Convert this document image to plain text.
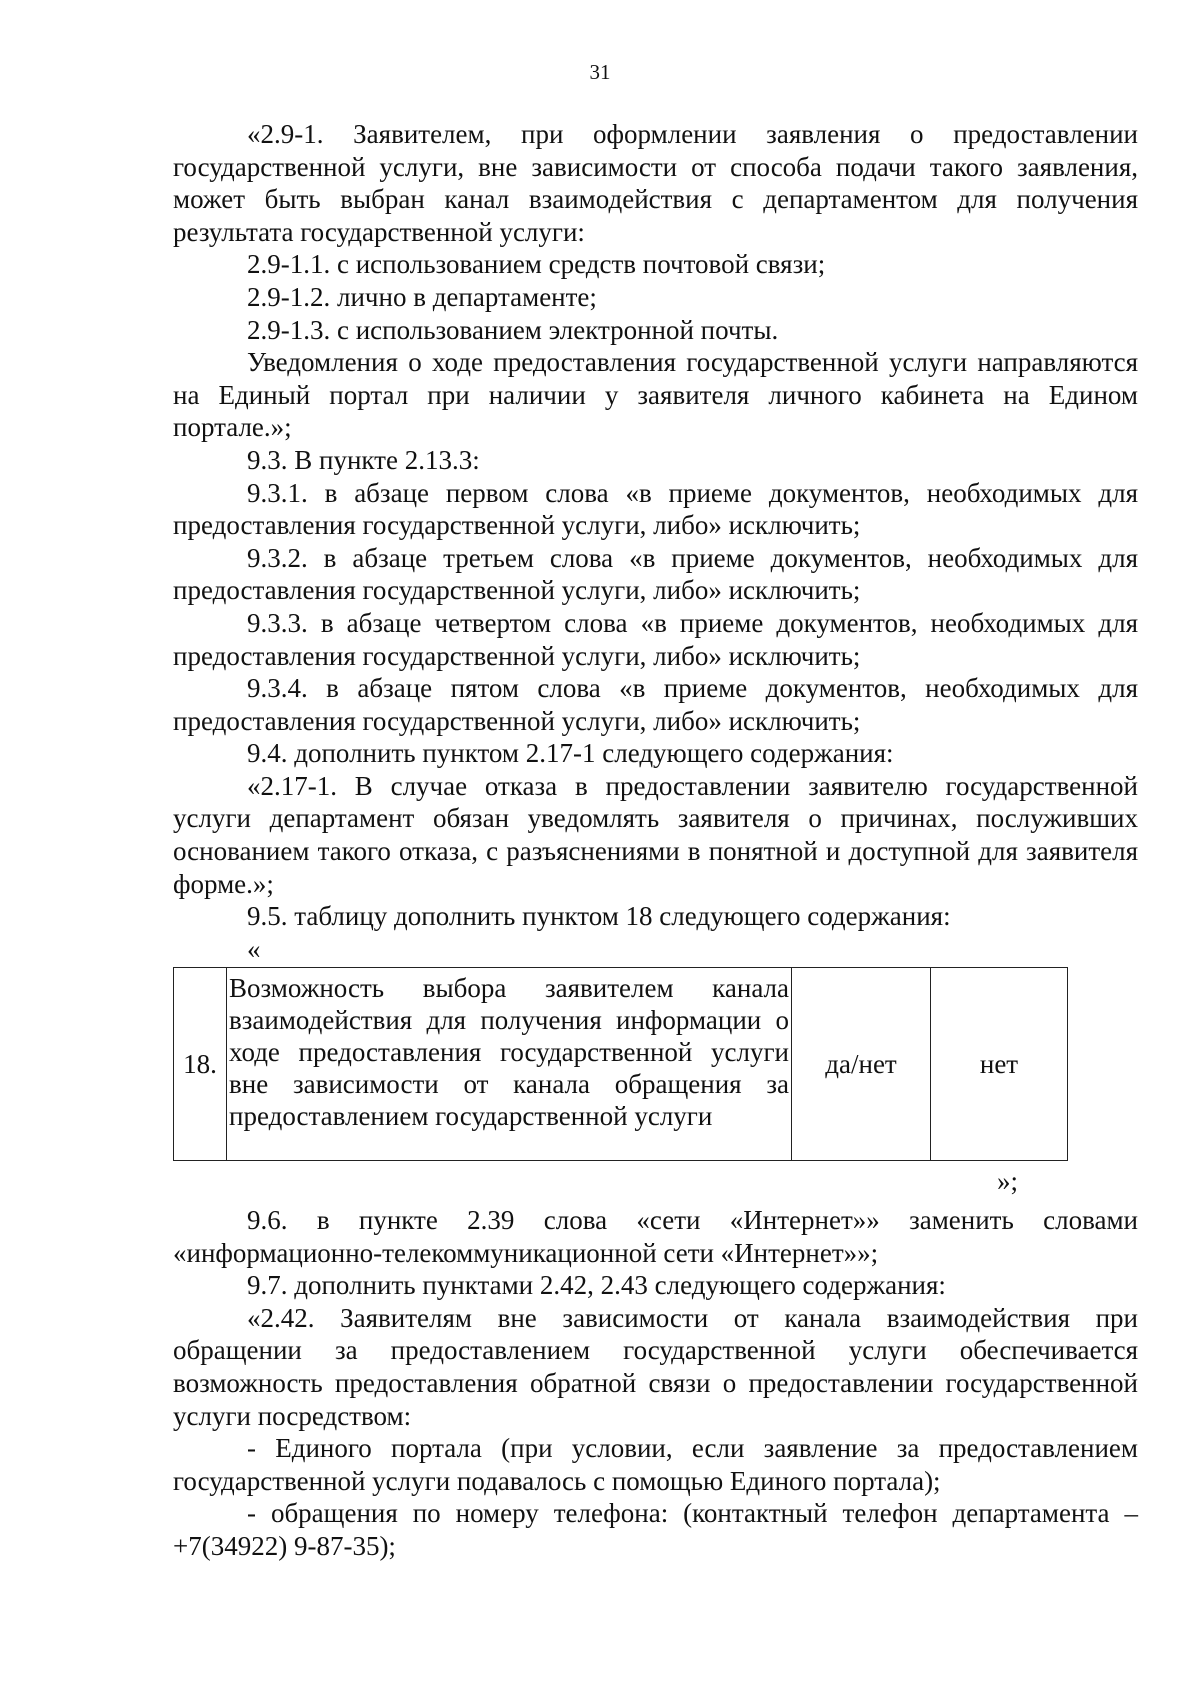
31

«2.9-1. Заявителем, при оформлении заявления о предоставлении государственной услуги, вне зависимости от способа подачи такого заявления, может быть выбран канал взаимодействия с департаментом для получения результата государственной услуги:

2.9-1.1. с использованием средств почтовой связи;

2.9-1.2. лично в департаменте;

2.9-1.3. с использованием электронной почты.

Уведомления о ходе предоставления государственной услуги направляются на Единый портал при наличии у заявителя личного кабинета на Едином портале.»;

9.3. В пункте 2.13.3:

9.3.1. в абзаце первом слова «в приеме документов, необходимых для предоставления государственной услуги, либо» исключить;

9.3.2. в абзаце третьем слова «в приеме документов, необходимых для предоставления государственной услуги, либо» исключить;

9.3.3. в абзаце четвертом слова «в приеме документов, необходимых для предоставления государственной услуги, либо» исключить;

9.3.4. в абзаце пятом слова «в приеме документов, необходимых для предоставления государственной услуги, либо» исключить;

9.4. дополнить пунктом 2.17-1 следующего содержания:

«2.17-1. В случае отказа в предоставлении заявителю государственной услуги департамент обязан уведомлять заявителя о причинах, послуживших основанием такого отказа, с разъяснениями в понятной и доступной для заявителя форме.»;

9.5. таблицу дополнить пунктом 18 следующего содержания:

«
18.	Возможность выбора заявителем канала взаимодействия для получения информации о ходе предоставления государственной услуги вне зависимости от канала обращения за предоставлением государственной услуги	да/нет	нет
»;

9.6. в пункте 2.39 слова «сети «Интернет»» заменить словами «информационно-телекоммуникационной сети «Интернет»»;

9.7. дополнить пунктами 2.42, 2.43 следующего содержания:

«2.42. Заявителям вне зависимости от канала взаимодействия при обращении за предоставлением государственной услуги обеспечивается возможность предоставления обратной связи о предоставлении государственной услуги посредством:

- Единого портала (при условии, если заявление за предоставлением государственной услуги подавалось с помощью Единого портала);

- обращения по номеру телефона: (контактный телефон департамента – +7(34922) 9-87-35);
